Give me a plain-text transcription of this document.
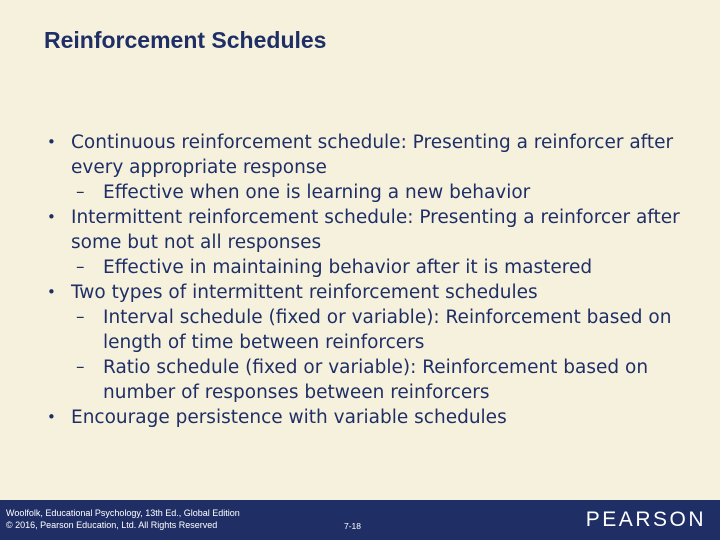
Reinforcement Schedules
• Continuous reinforcement schedule: Presenting a reinforcer after every appropriate response
– Effective when one is learning a new behavior
• Intermittent reinforcement schedule: Presenting a reinforcer after some but not all responses
– Effective in maintaining behavior after it is mastered
• Two types of intermittent reinforcement schedules
– Interval schedule (fixed or variable): Reinforcement based on length of time between reinforcers
– Ratio schedule (fixed or variable): Reinforcement based on number of responses between reinforcers
• Encourage persistence with variable schedules
Woolfolk, Educational Psychology, 13th Ed., Global Edition
© 2016, Pearson Education, Ltd. All Rights Reserved	7-18	PEARSON
